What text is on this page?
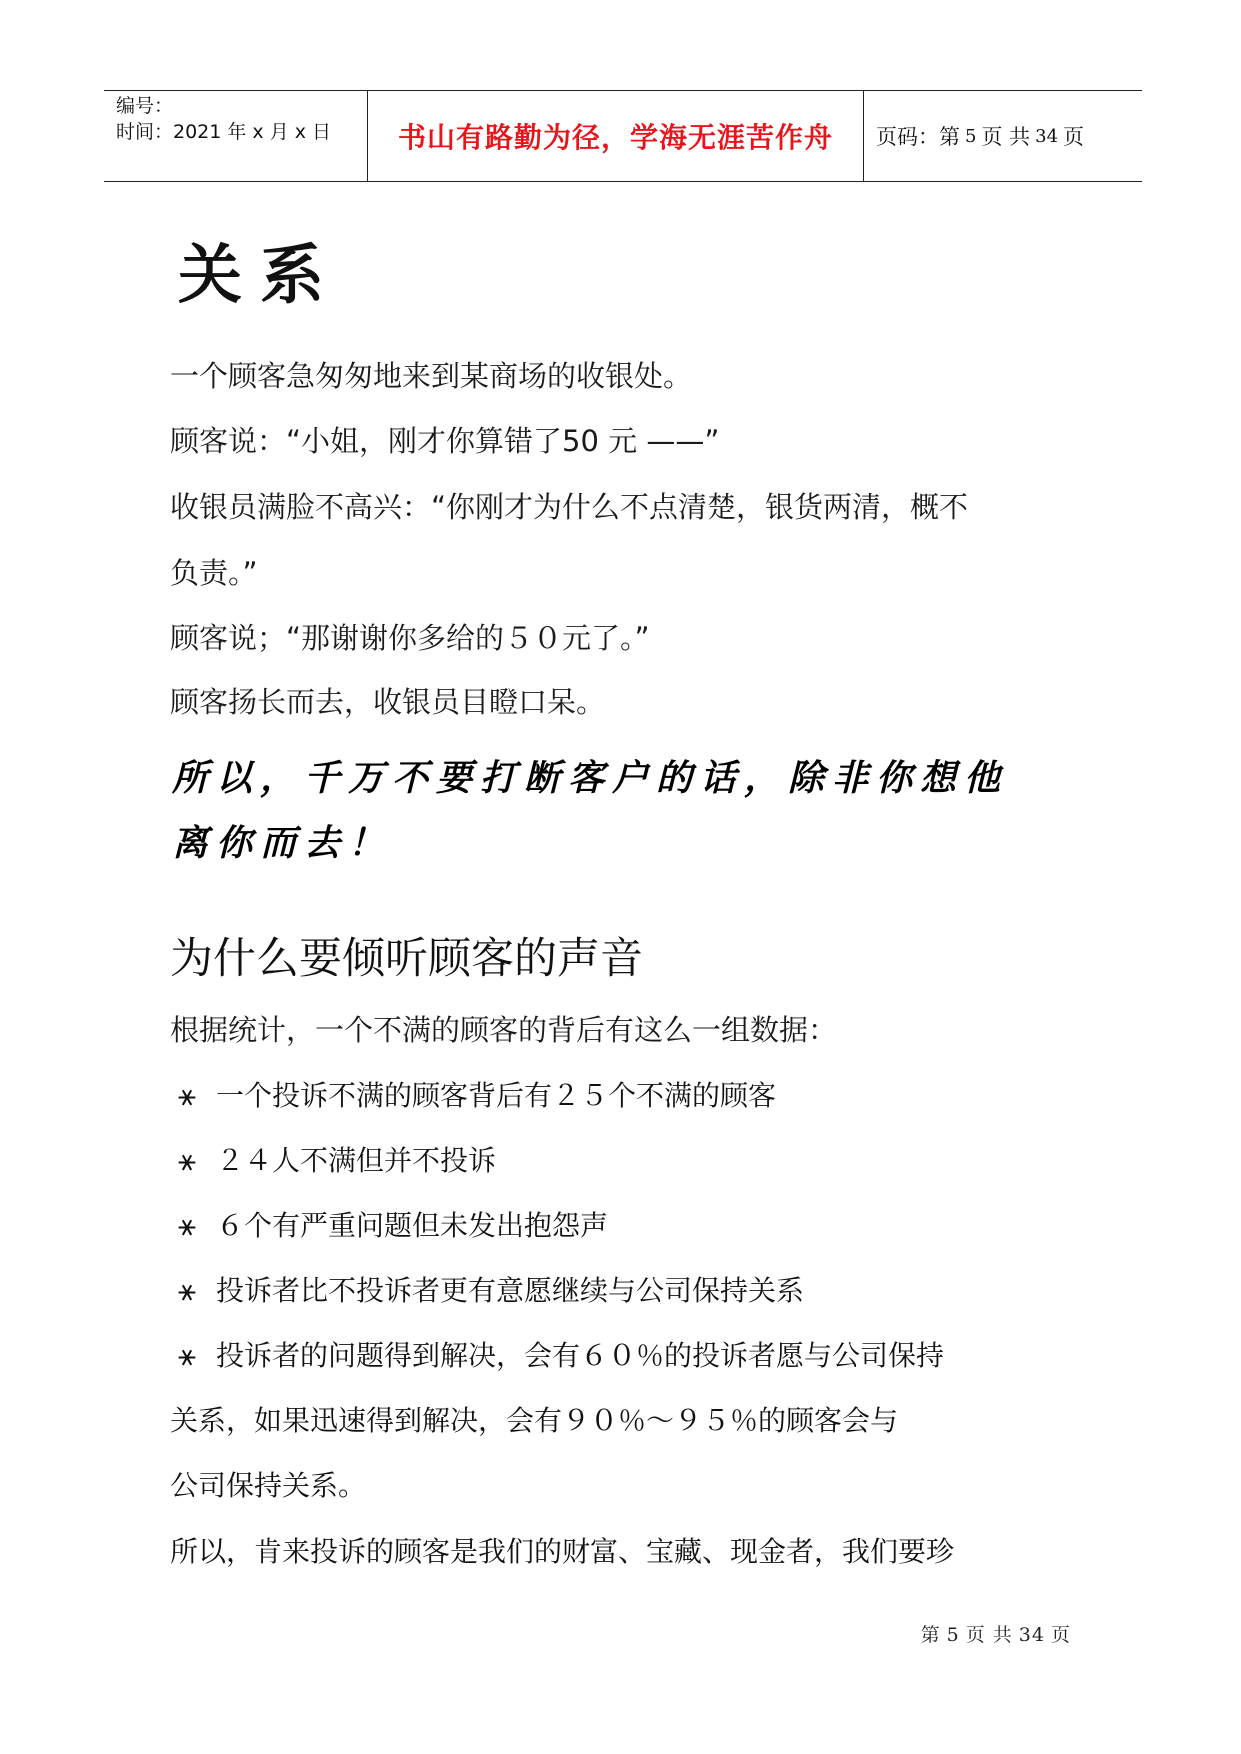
编号：
时间：2021 年 x 月 x 日	书山有路勤为径，学海无涯苦作舟 页码：第 5 页 共 34 页
关系
一个顾客急匆匆地来到某商场的收银处。
顾客说：“小姐，刚才你算错了50 元 ——”
收银员满脸不高兴：“你刚才为什么不点清楚，银货两清，概不
负责。”
顾客说；“那谢谢你多给的５０元了。”
顾客扬长而去，收银员目瞪口呆。
所以，千万不要打断客户的话，除非你想他
离你而去！
为什么要倾听顾客的声音
根据统计，一个不满的顾客的背后有这么一组数据：
⚹ 一个投诉不满的顾客背后有２５个不满的顾客
⚹ ２４人不满但并不投诉
⚹ ６个有严重问题但未发出抱怨声
⚹ 投诉者比不投诉者更有意愿继续与公司保持关系
⚹ 投诉者的问题得到解决，会有６０％的投诉者愿与公司保持
关系，如果迅速得到解决，会有９０％～９５％的顾客会与
公司保持关系。
所以，肯来投诉的顾客是我们的财富、宝藏、现金者，我们要珍
第 5 页 共 34 页
